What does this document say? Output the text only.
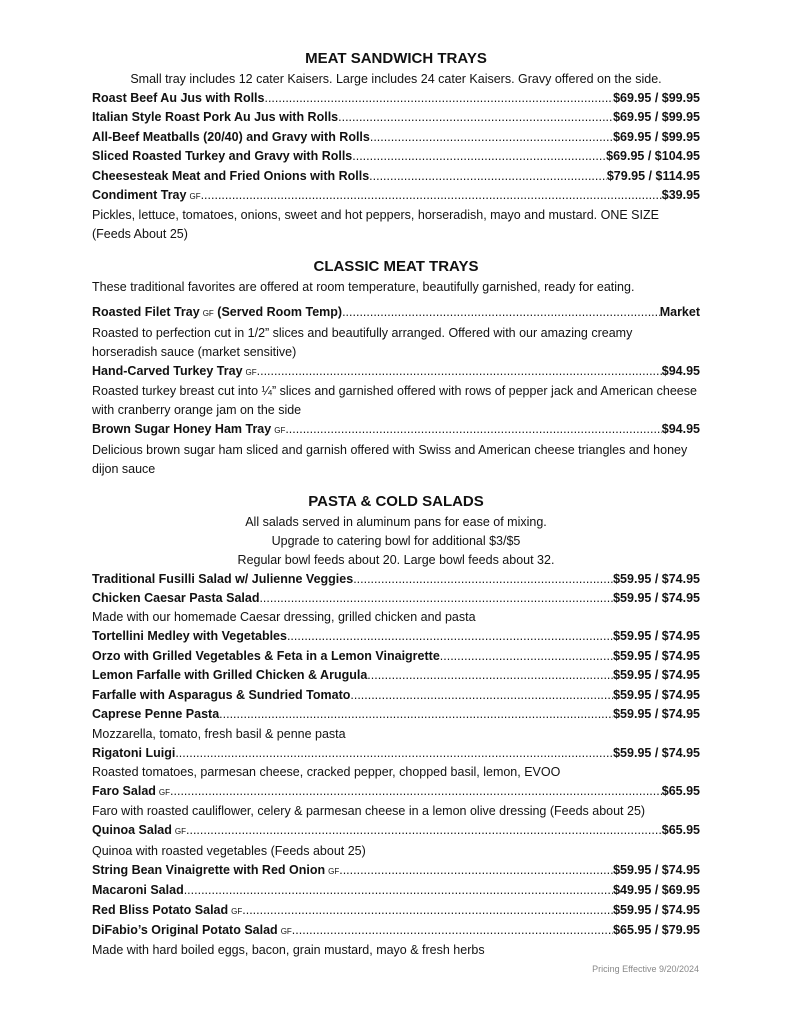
MEAT SANDWICH TRAYS

Small tray includes 12 cater Kaisers. Large includes 24 cater Kaisers. Gravy offered on the side.

Roast Beef Au Jus with Rolls .....	$69.95 / $99.95
Italian Style Roast Pork Au Jus with Rolls .....	$69.95 / $99.95
All-Beef Meatballs (20/40) and Gravy with Rolls .....	$69.95 / $99.95
Sliced Roasted Turkey and Gravy with Rolls .....	$69.95 / $104.95
Cheesesteak Meat and Fried Onions with Rolls .....	$79.95 / $114.95
Condiment Tray GF .....	$39.95

Pickles, lettuce, tomatoes, onions, sweet and hot peppers, horseradish, mayo and mustard. ONE SIZE (Feeds About 25)

CLASSIC MEAT TRAYS

These traditional favorites are offered at room temperature, beautifully garnished, ready for eating.

Roasted Filet Tray GF
(Served Room Temp) .....	Market

Roasted to perfection cut in 1/2” slices and beautifully arranged. Offered with our amazing creamy horseradish sauce (market sensitive)

Hand-Carved Turkey Tray GF .....	$94.95

Roasted turkey breast cut into ¼” slices and garnished offered with rows of pepper jack and American cheese with cranberry orange jam on the side

Brown Sugar Honey Ham Tray GF .....	$94.95

Delicious brown sugar ham sliced and garnish offered with Swiss and American cheese triangles and honey dijon sauce

PASTA & COLD SALADS

All salads served in aluminum pans for ease of mixing.

Upgrade to catering bowl for additional $3/$5

Regular bowl feeds about 20. Large bowl feeds about 32.

Traditional Fusilli Salad w/ Julienne Veggies .....	$59.95 / $74.95
Chicken Caesar Pasta Salad .....	$59.95 / $74.95

Made with our homemade Caesar dressing, grilled chicken and pasta

Tortellini Medley with Vegetables .....	$59.95 / $74.95
Orzo with Grilled Vegetables & Feta in a Lemon Vinaigrette .....	$59.95 / $74.95
Lemon Farfalle with Grilled Chicken & Arugula .....	$59.95 / $74.95
Farfalle with Asparagus & Sundried Tomato .....	$59.95 / $74.95
Caprese Penne Pasta .....	$59.95 / $74.95

Mozzarella, tomato, fresh basil & penne pasta

Rigatoni Luigi .....	$59.95 / $74.95

Roasted tomatoes, parmesan cheese, cracked pepper, chopped basil, lemon, EVOO

Faro Salad GF .....	$65.95

Faro with roasted cauliflower, celery & parmesan cheese in a lemon olive dressing (Feeds about 25)

Quinoa Salad GF .....	$65.95

Quinoa with roasted vegetables (Feeds about 25)

String Bean Vinaigrette with Red Onion GF .....	$59.95 / $74.95
Macaroni Salad .....	$49.95 / $69.95
Red Bliss Potato Salad GF .....	$59.95 / $74.95
DiFabio’s Original Potato Salad GF .....	$65.95 / $79.95

Made with hard boiled eggs, bacon, grain mustard, mayo & fresh herbs

Pricing Effective 9/20/2024
